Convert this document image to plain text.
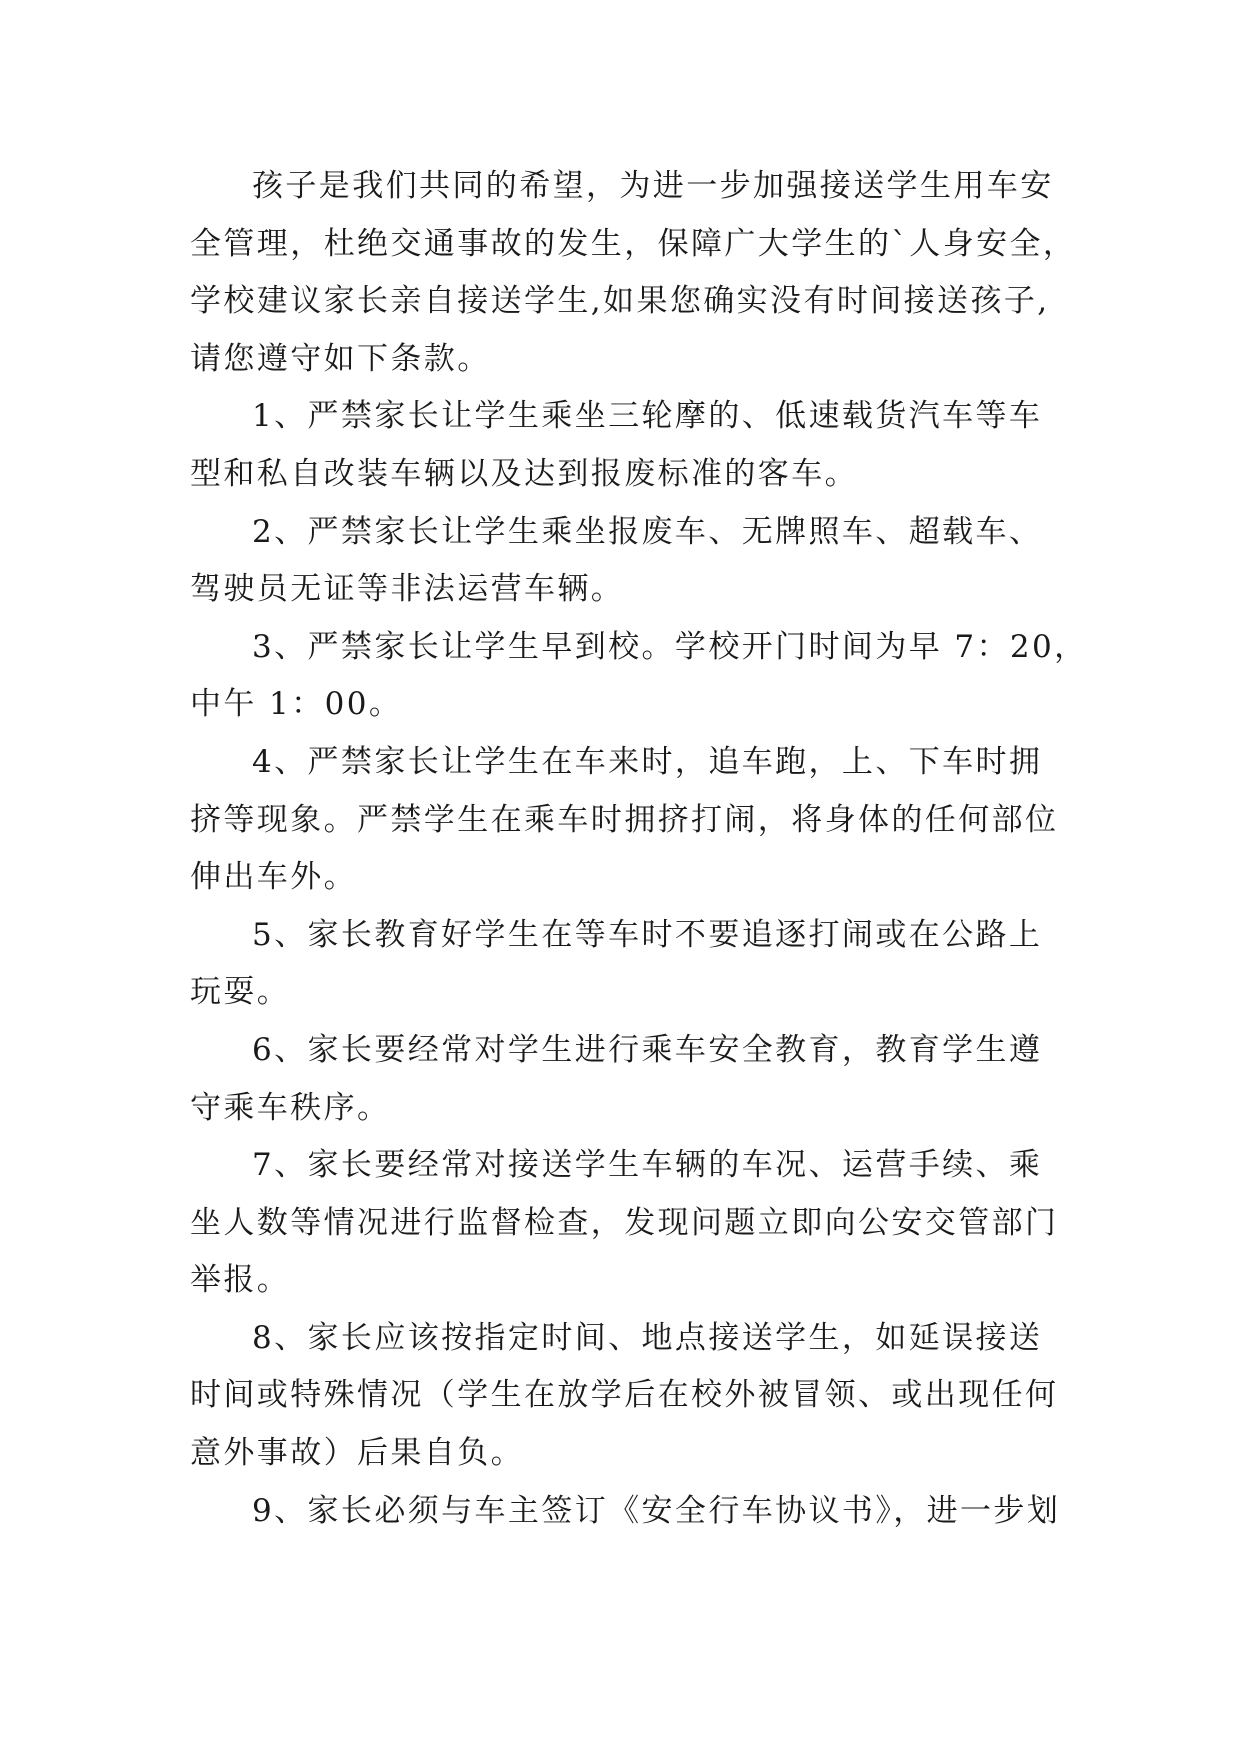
孩子是我们共同的希望，为进一步加强接送学生用车安
全管理，杜绝交通事故的发生，保障广大学生的`人身安全，
学校建议家长亲自接送学生,如果您确实没有时间接送孩子,
请您遵守如下条款。
1、严禁家长让学生乘坐三轮摩的、低速载货汽车等车
型和私自改装车辆以及达到报废标准的客车。
2、严禁家长让学生乘坐报废车、无牌照车、超载车、
驾驶员无证等非法运营车辆。
3、严禁家长让学生早到校。学校开门时间为早 7：20，
中午 1：00。
4、严禁家长让学生在车来时，追车跑，上、下车时拥
挤等现象。严禁学生在乘车时拥挤打闹，将身体的任何部位
伸出车外。
5、家长教育好学生在等车时不要追逐打闹或在公路上
玩耍。
6、家长要经常对学生进行乘车安全教育，教育学生遵
守乘车秩序。
7、家长要经常对接送学生车辆的车况、运营手续、乘
坐人数等情况进行监督检查，发现问题立即向公安交管部门
举报。
8、家长应该按指定时间、地点接送学生，如延误接送
时间或特殊情况（学生在放学后在校外被冒领、或出现任何
意外事故）后果自负。
9、家长必须与车主签订《安全行车协议书》，进一步划
